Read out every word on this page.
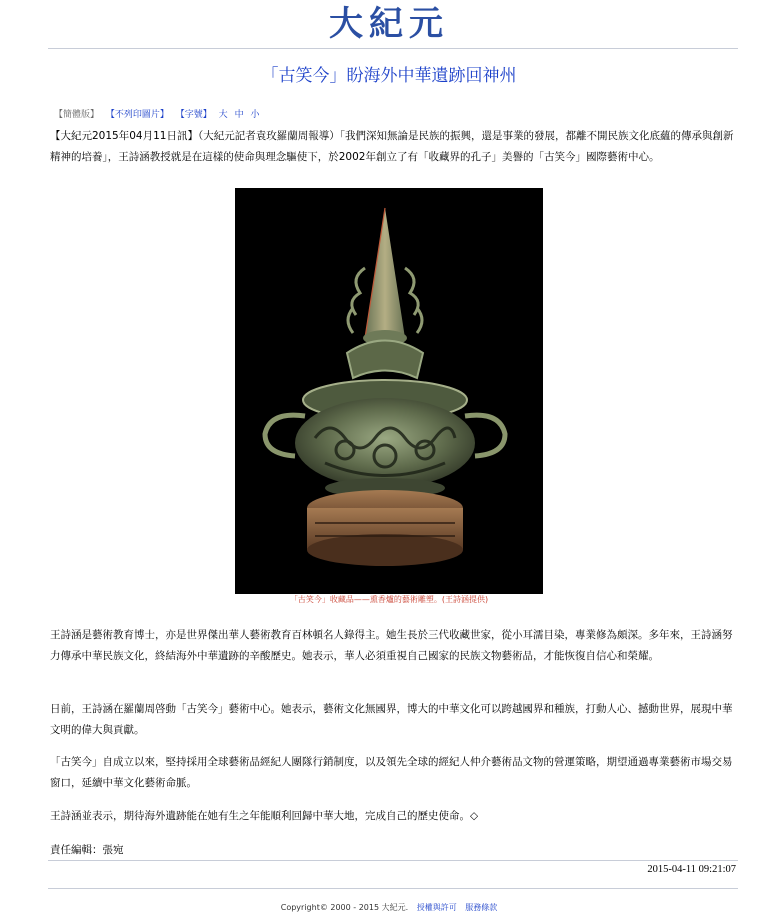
大紀元
「古笑今」盼海外中華遺跡回神州
【簡體版】 【不列印圖片】 【字號】 大 中 小
【大紀元2015年04月11日訊】（大紀元記者袁玫羅蘭周報導）「我們深知無論是民族的振興，還是事業的發展，都離不開民族文化底蘊的傳承與創新精神的培養」，王詩涵教授就是在這樣的使命與理念驅使下，於2002年創立了有「收藏界的孔子」美譽的「古笑今」國際藝術中心。
「古笑今」收藏品——熏香爐的藝術雕塑。(王詩涵提供)
王詩涵是藝術教育博士，亦是世界傑出華人藝術教育百林頓名人錄得主。她生長於三代收藏世家，從小耳濡目染，專業修為頗深。多年來，王詩涵努力傳承中華民族文化，終結海外中華遺跡的辛酸歷史。她表示，華人必須重視自己國家的民族文物藝術品，才能恢復自信心和榮耀。
日前，王詩涵在羅蘭周啓動「古笑今」藝術中心。她表示，藝術文化無國界，博大的中華文化可以跨越國界和種族，打動人心、撼動世界，展現中華文明的偉大與貢獻。
「古笑今」自成立以來，堅持採用全球藝術品經紀人團隊行銷制度，以及領先全球的經紀人仲介藝術品文物的營運策略，期望通過專業藝術市場交易窗口，延續中華文化藝術命脈。
王詩涵並表示，期待海外遺跡能在她有生之年能順利回歸中華大地，完成自己的歷史使命。◇
責任編輯：張宛
2015-04-11 09:21:07
Copyright© 2000 - 2015 大紀元. 授權與許可 服務條款
